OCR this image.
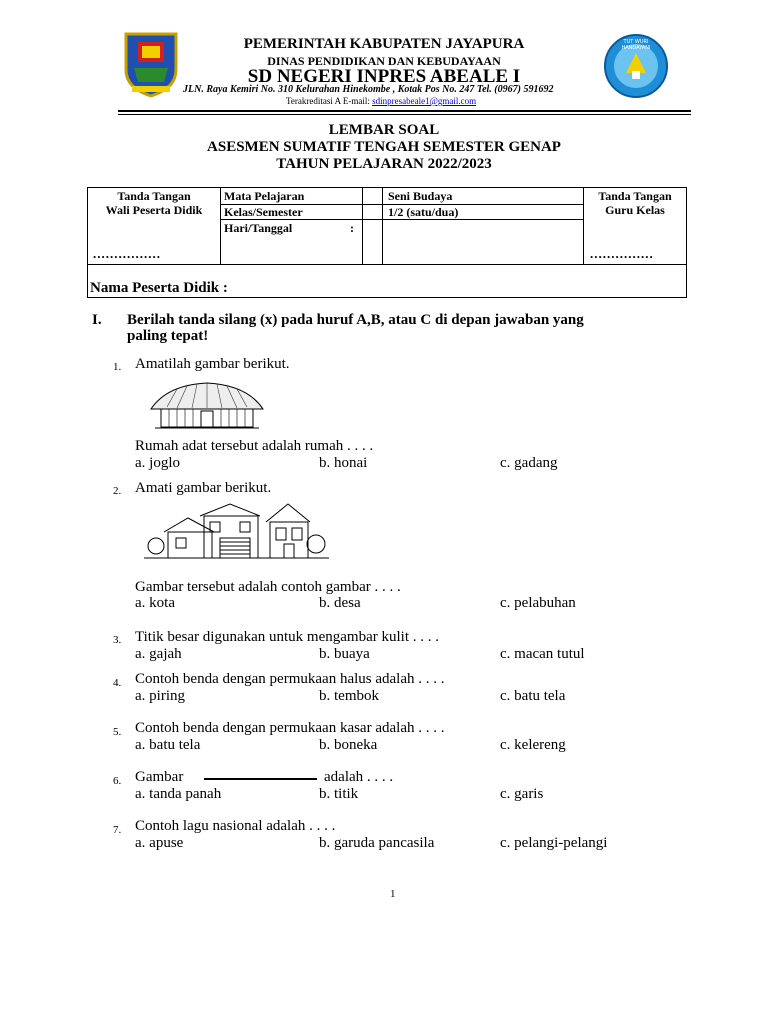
PEMERINTAH KABUPATEN JAYAPURA
DINAS PENDIDIKAN DAN KEBUDAYAAN
SD NEGERI INPRES ABEALE I
JLN. Raya Kemiri No. 310 Kelurahan Hinekombe , Kotak Pos No. 247 Tel. (0967) 591692
Terakreditasi A E-mail: sdinpresabeale1@gmail.com
TUT WURI HANDAYANI
LEMBAR SOAL
ASESMEN SUMATIF TENGAH SEMESTER GENAP
TAHUN PELAJARAN 2022/2023
Tanda Tangan
Wali Peserta Didik
................
Mata Pelajaran	Seni Budaya
Kelas/Semester	1/2 (satu/dua)
Hari/Tanggal	:
Tanda Tangan
Guru Kelas
...............
Nama Peserta Didik :
I. Berilah tanda silang (x) pada huruf A,B, atau C di depan jawaban yang
paling tepat!
1. Amatilah gambar berikut.
Rumah adat tersebut adalah rumah . . . .
a. joglo	b. honai	c. gadang
2. Amati gambar berikut.
Gambar tersebut adalah contoh gambar . . . .
a. kota	b. desa	c. pelabuhan
3. Titik besar digunakan untuk mengambar kulit . . . .
a. gajah	b. buaya	c. macan tutul
4. Contoh benda dengan permukaan halus adalah . . . .
a. piring	b. tembok	c. batu tela
5. Contoh benda dengan permukaan kasar adalah . . . .
a. batu tela	b. boneka	c. kelereng
6. Gambar	adalah . . . .
a. tanda panah	b. titik	c. garis
7. Contoh lagu nasional adalah . . . .
a. apuse	b. garuda pancasila	c. pelangi-pelangi
1
